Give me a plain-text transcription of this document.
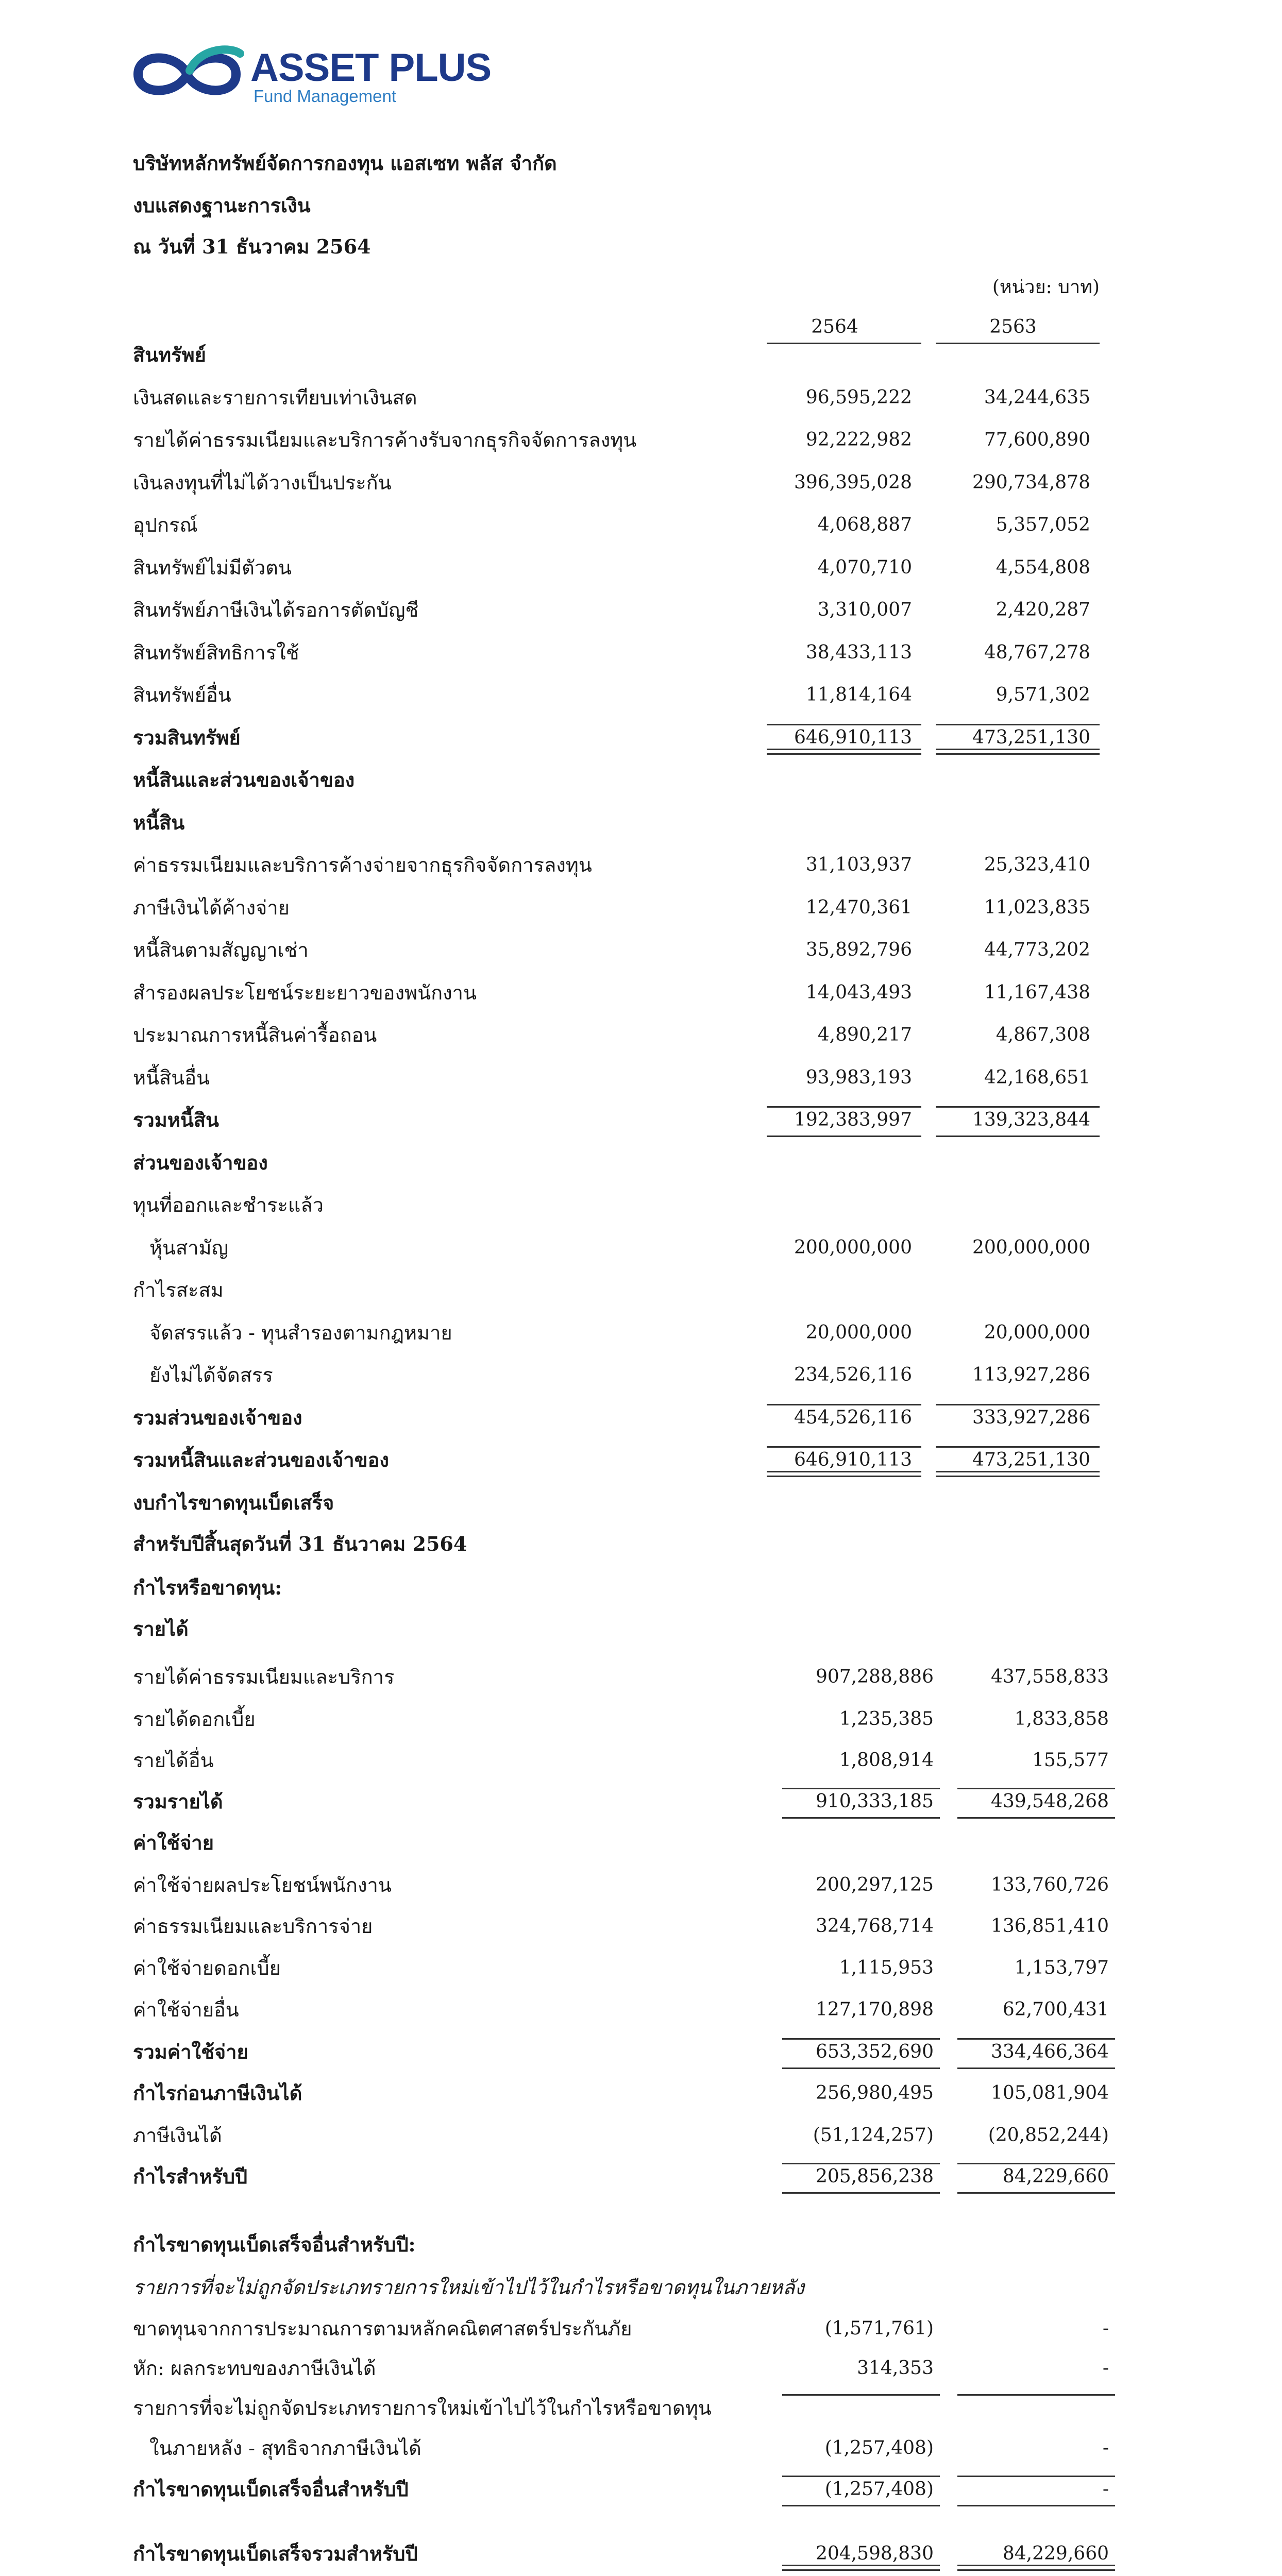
ASSET PLUS
Fund Management
บริษัทหลักทรัพย์จัดการกองทุน แอสเซท พลัส จำกัด
งบแสดงฐานะการเงิน
ณ วันที่ 31 ธันวาคม 2564
(หน่วย: บาท)
2564	2563
สินทรัพย์
เงินสดและรายการเทียบเท่าเงินสด	96,595,222	34,244,635
รายได้ค่าธรรมเนียมและบริการค้างรับจากธุรกิจจัดการลงทุน	92,222,982	77,600,890
เงินลงทุนที่ไม่ได้วางเป็นประกัน	396,395,028	290,734,878
อุปกรณ์	4,068,887	5,357,052
สินทรัพย์ไม่มีตัวตน	4,070,710	4,554,808
สินทรัพย์ภาษีเงินได้รอการตัดบัญชี	3,310,007	2,420,287
สินทรัพย์สิทธิการใช้	38,433,113	48,767,278
สินทรัพย์อื่น	11,814,164	9,571,302
รวมสินทรัพย์	646,910,113	473,251,130
หนี้สินและส่วนของเจ้าของ
หนี้สิน
ค่าธรรมเนียมและบริการค้างจ่ายจากธุรกิจจัดการลงทุน	31,103,937	25,323,410
ภาษีเงินได้ค้างจ่าย	12,470,361	11,023,835
หนี้สินตามสัญญาเช่า	35,892,796	44,773,202
สำรองผลประโยชน์ระยะยาวของพนักงาน	14,043,493	11,167,438
ประมาณการหนี้สินค่ารื้อถอน	4,890,217	4,867,308
หนี้สินอื่น	93,983,193	42,168,651
รวมหนี้สิน	192,383,997	139,323,844
ส่วนของเจ้าของ
ทุนที่ออกและชำระแล้ว
หุ้นสามัญ	200,000,000	200,000,000
กำไรสะสม
จัดสรรแล้ว - ทุนสำรองตามกฎหมาย	20,000,000	20,000,000
ยังไม่ได้จัดสรร	234,526,116	113,927,286
รวมส่วนของเจ้าของ	454,526,116	333,927,286
รวมหนี้สินและส่วนของเจ้าของ	646,910,113	473,251,130
งบกำไรขาดทุนเบ็ดเสร็จ
สำหรับปีสิ้นสุดวันที่ 31 ธันวาคม 2564
กำไรหรือขาดทุน:
รายได้
รายได้ค่าธรรมเนียมและบริการ	907,288,886	437,558,833
รายได้ดอกเบี้ย	1,235,385	1,833,858
รายได้อื่น	1,808,914	155,577
รวมรายได้	910,333,185	439,548,268
ค่าใช้จ่าย
ค่าใช้จ่ายผลประโยชน์พนักงาน	200,297,125	133,760,726
ค่าธรรมเนียมและบริการจ่าย	324,768,714	136,851,410
ค่าใช้จ่ายดอกเบี้ย	1,115,953	1,153,797
ค่าใช้จ่ายอื่น	127,170,898	62,700,431
รวมค่าใช้จ่าย	653,352,690	334,466,364
กำไรก่อนภาษีเงินได้	256,980,495	105,081,904
ภาษีเงินได้	(51,124,257)	(20,852,244)
กำไรสำหรับปี	205,856,238	84,229,660
กำไรขาดทุนเบ็ดเสร็จอื่นสำหรับปี:
รายการที่จะไม่ถูกจัดประเภทรายการใหม่เข้าไปไว้ในกำไรหรือขาดทุนในภายหลัง
ขาดทุนจากการประมาณการตามหลักคณิตศาสตร์ประกันภัย	(1,571,761)	-
หัก: ผลกระทบของภาษีเงินได้	314,353	-
รายการที่จะไม่ถูกจัดประเภทรายการใหม่เข้าไปไว้ในกำไรหรือขาดทุน
ในภายหลัง - สุทธิจากภาษีเงินได้	(1,257,408)	-
กำไรขาดทุนเบ็ดเสร็จอื่นสำหรับปี	(1,257,408)	-
กำไรขาดทุนเบ็ดเสร็จรวมสำหรับปี	204,598,830	84,229,660
